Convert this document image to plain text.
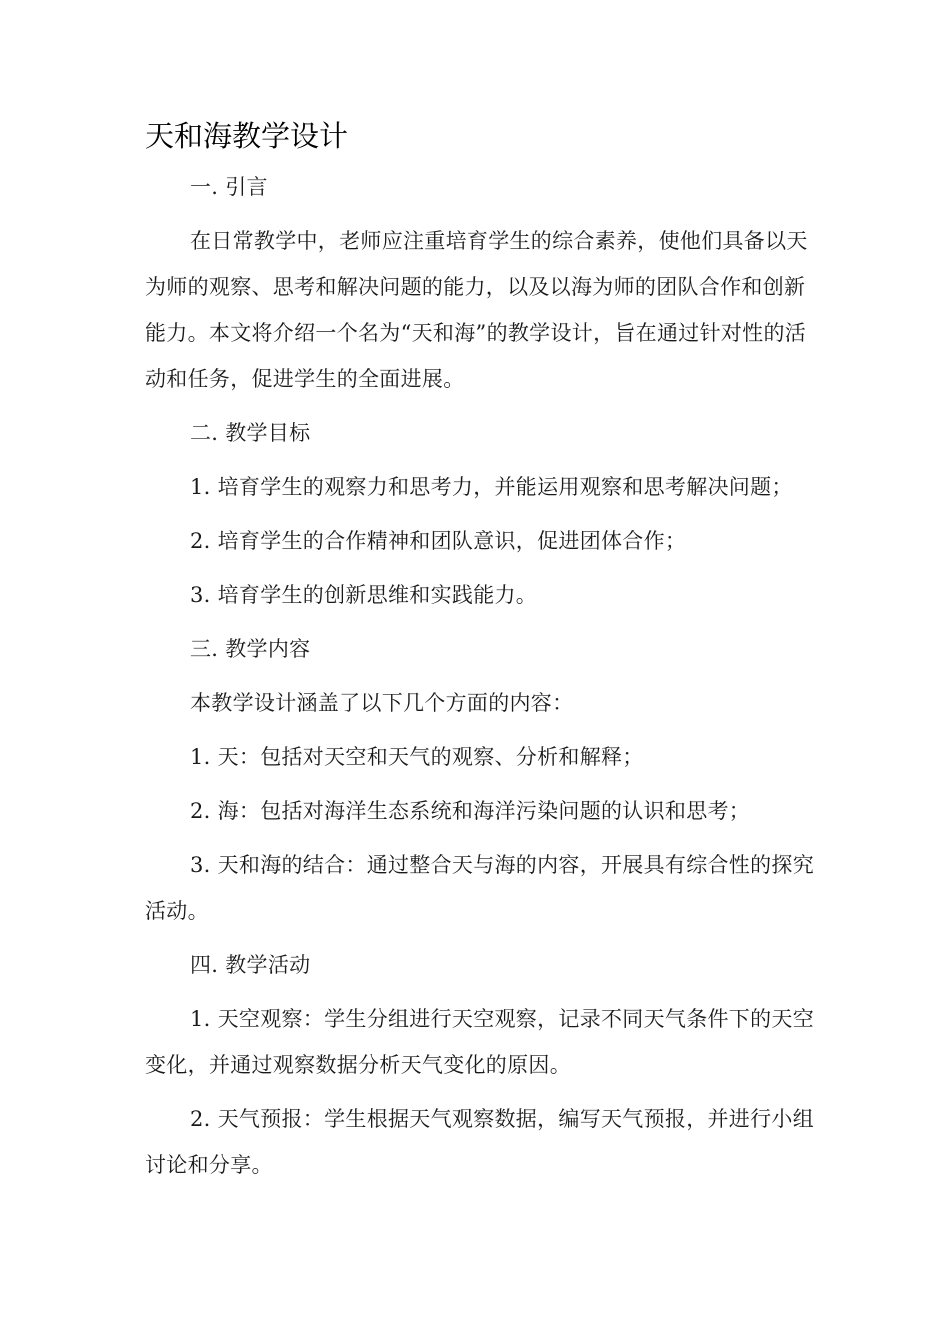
天和海教学设计

一. 引言

在日常教学中，老师应注重培育学生的综合素养，使他们具备以天为师的观察、思考和解决问题的能力，以及以海为师的团队合作和创新能力。本文将介绍一个名为“天和海”的教学设计，旨在通过针对性的活动和任务，促进学生的全面进展。

二. 教学目标

1. 培育学生的观察力和思考力，并能运用观察和思考解决问题；

2. 培育学生的合作精神和团队意识，促进团体合作；

3. 培育学生的创新思维和实践能力。

三. 教学内容

本教学设计涵盖了以下几个方面的内容：

1. 天：包括对天空和天气的观察、分析和解释；

2. 海：包括对海洋生态系统和海洋污染问题的认识和思考；

3. 天和海的结合：通过整合天与海的内容，开展具有综合性的探究活动。

四. 教学活动

1. 天空观察：学生分组进行天空观察，记录不同天气条件下的天空变化，并通过观察数据分析天气变化的原因。

2. 天气预报：学生根据天气观察数据，编写天气预报，并进行小组讨论和分享。
